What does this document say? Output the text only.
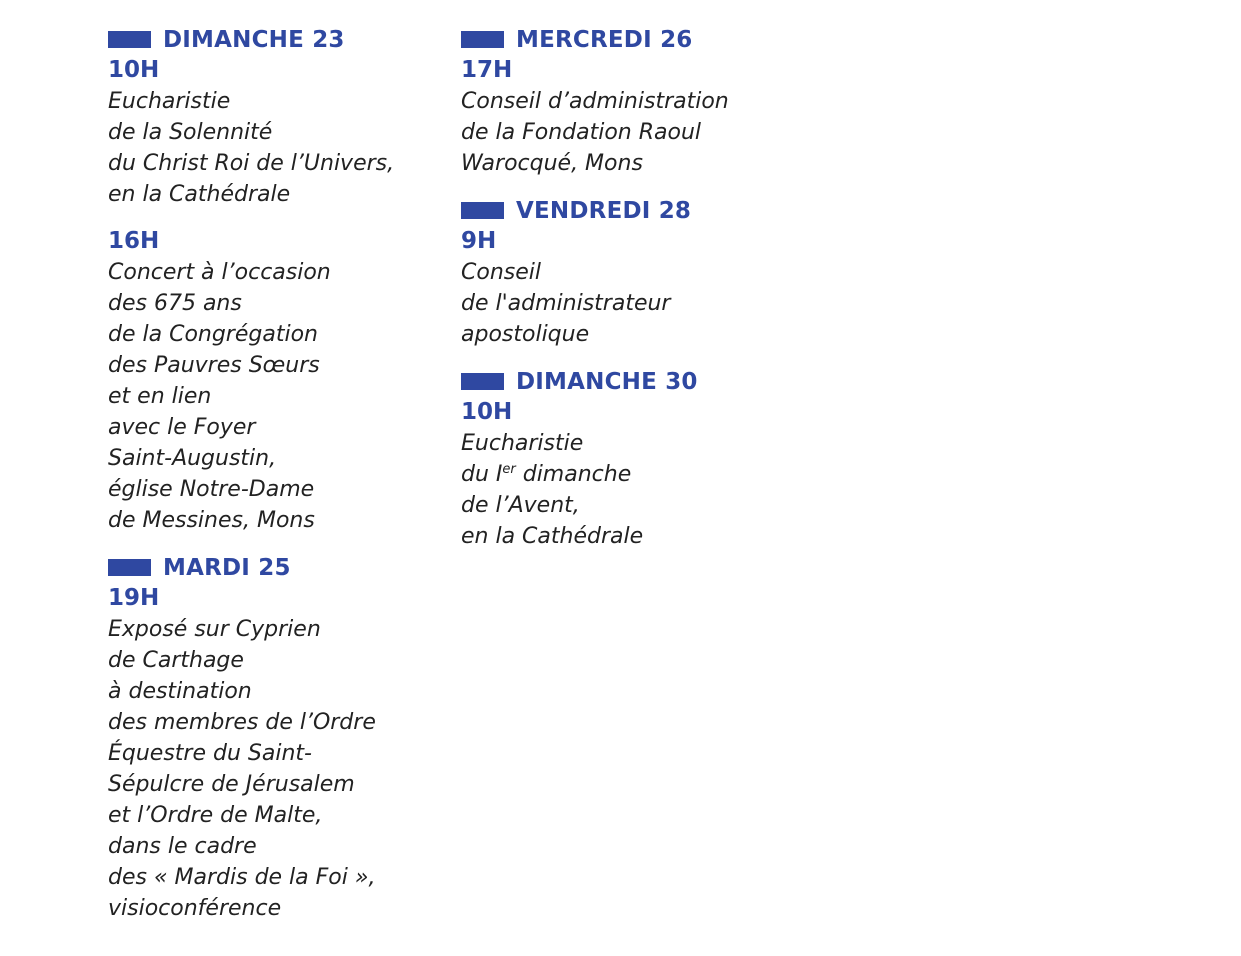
DIMANCHE 23
10H
Eucharistie
de la Solennité
du Christ Roi de l’Univers,
en la Cathédrale
16H
Concert à l’occasion
des 675 ans
de la Congrégation
des Pauvres Sœurs
et en lien
avec le Foyer
Saint-Augustin,
église Notre-Dame
de Messines, Mons
MARDI 25
19H
Exposé sur Cyprien
de Carthage
à destination
des membres de l’Ordre
Équestre du Saint-
Sépulcre de Jérusalem
et l’Ordre de Malte,
dans le cadre
des « Mardis de la Foi »,
visioconférence
MERCREDI 26
17H
Conseil d’administration
de la Fondation Raoul
Warocqué, Mons
VENDREDI 28
9H
Conseil
de l'administrateur
apostolique
DIMANCHE 30
10H
Eucharistie
du Ier dimanche
de l’Avent,
en la Cathédrale
